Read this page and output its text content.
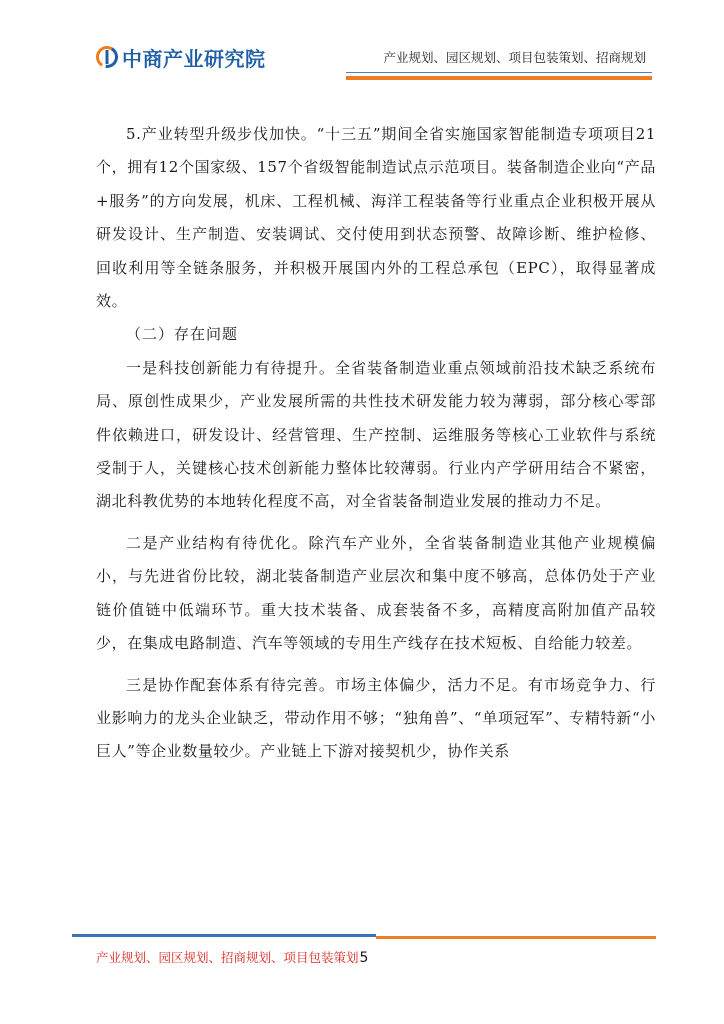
中商产业研究院	产业规划、园区规划、项目包装策划、招商规划

5.产业转型升级步伐加快。“十三五”期间全省实施国家智能制造专项项目21个，拥有12个国家级、157个省级智能制造试点示范项目。装备制造企业向“产品+服务”的方向发展，机床、工程机械、海洋工程装备等行业重点企业积极开展从研发设计、生产制造、安装调试、交付使用到状态预警、故障诊断、维护检修、回收利用等全链条服务，并积极开展国内外的工程总承包（EPC），取得显著成效。

（二）存在问题

一是科技创新能力有待提升。全省装备制造业重点领域前沿技术缺乏系统布局、原创性成果少，产业发展所需的共性技术研发能力较为薄弱，部分核心零部件依赖进口，研发设计、经营管理、生产控制、运维服务等核心工业软件与系统受制于人，关键核心技术创新能力整体比较薄弱。行业内产学研用结合不紧密，湖北科教优势的本地转化程度不高，对全省装备制造业发展的推动力不足。

二是产业结构有待优化。除汽车产业外，全省装备制造业其他产业规模偏小，与先进省份比较，湖北装备制造产业层次和集中度不够高，总体仍处于产业链价值链中低端环节。重大技术装备、成套装备不多，高精度高附加值产品较少，在集成电路制造、汽车等领域的专用生产线存在技术短板、自给能力较差。

三是协作配套体系有待完善。市场主体偏少，活力不足。有市场竞争力、行业影响力的龙头企业缺乏，带动作用不够；“独角兽”、“单项冠军”、专精特新“小巨人”等企业数量较少。产业链上下游对接契机少，协作关系

产业规划、园区规划、招商规划、项目包装策划5
